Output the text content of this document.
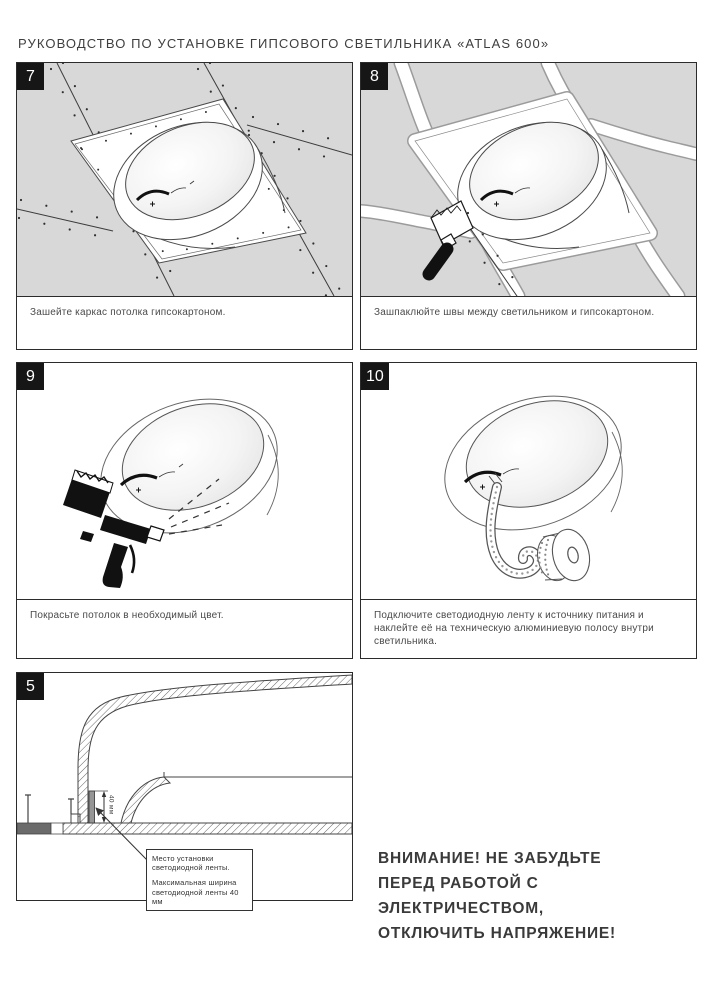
РУКОВОДСТВО ПО УСТАНОВКЕ ГИПСОВОГО СВЕТИЛЬНИКА «ATLAS 600»
7
Зашейте каркас потолка гипсокартоном.
8
Зашпаклюйте швы между светильником и гипсокартоном.
9
Покрасьте потолок в необходимый цвет.
10
Подключите светодиодную ленту к источнику питания и наклейте её на техническую алюминиевую полосу внутри светильника.
5
40 мм

Место установки светодиодной ленты.

Максимальная ширина светодиодной ленты 40 мм

ВНИМАНИЕ! НЕ ЗАБУДЬТЕ
ПЕРЕД РАБОТОЙ С ЭЛЕКТРИЧЕСТВОМ,
ОТКЛЮЧИТЬ НАПРЯЖЕНИЕ!
